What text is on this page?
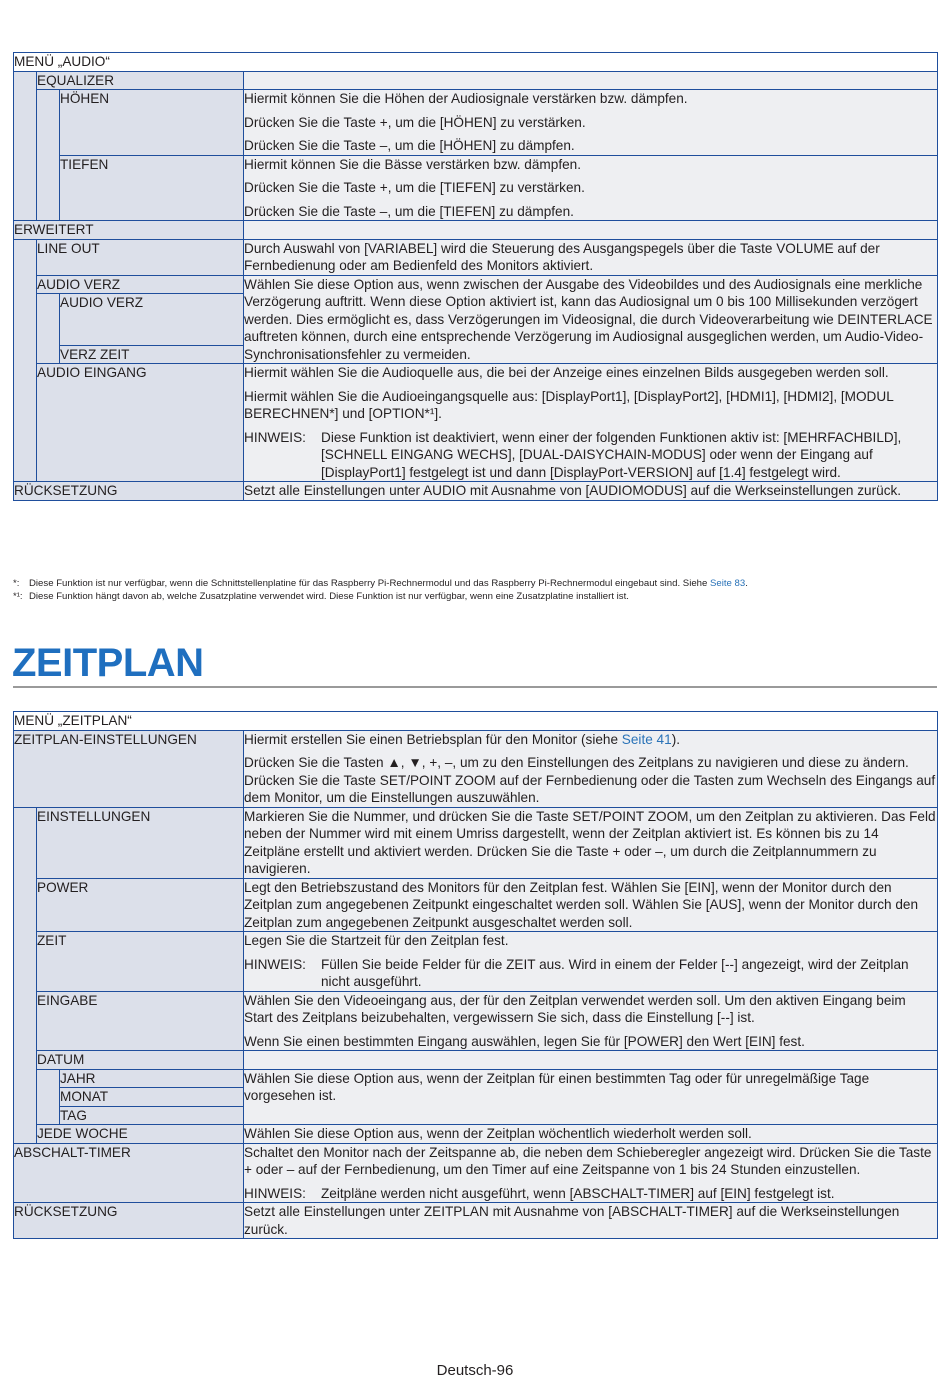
MENÜ „AUDIO“			
	EQUALIZER		
		HÖHEN	Hiermit können Sie die Höhen der Audiosignale verstärken bzw. dämpfen.

Drücken Sie die Taste +, um die [HÖHEN] zu verstärken.

Drücken Sie die Taste –, um die [HÖHEN] zu dämpfen.

		TIEFEN	Hiermit können Sie die Bässe verstärken bzw. dämpfen.

Drücken Sie die Taste +, um die [TIEFEN] zu verstärken.

Drücken Sie die Taste –, um die [TIEFEN] zu dämpfen.

ERWEITERT			
	LINE OUT		Durch Auswahl von [VARIABEL] wird die Steuerung des Ausgangspegels über die Taste VOLUME auf der Fernbedienung oder am Bedienfeld des Monitors aktiviert.
	AUDIO VERZ		Wählen Sie diese Option aus, wenn zwischen der Ausgabe des Videobildes und des Audiosignals eine merkliche Verzögerung auftritt. Wenn diese Option aktiviert ist, kann das Audiosignal um 0 bis 100 Millisekunden verzögert werden. Dies ermöglicht es, dass Verzögerungen im Videosignal, die durch Videoverarbeitung wie DEINTERLACE auftreten können, durch eine entsprechende Verzögerung im Audiosignal ausgeglichen werden, um Audio-Video-Synchronisationsfehler zu vermeiden.
		AUDIO VERZ	
		VERZ ZEIT	
	AUDIO EINGANG		Hiermit wählen Sie die Audioquelle aus, die bei der Anzeige eines einzelnen Bilds ausgegeben werden soll.

Hiermit wählen Sie die Audioeingangsquelle aus: [DisplayPort1], [DisplayPort2], [HDMI1], [HDMI2], [MODUL BERECHNEN*] und [OPTION*¹].

HINWEIS: Diese Funktion ist deaktiviert, wenn einer der folgenden Funktionen aktiv ist: [MEHRFACHBILD], [SCHNELL EINGANG WECHS], [DUAL-DAISYCHAIN-MODUS] oder wenn der Eingang auf [DisplayPort1] festgelegt ist und dann [DisplayPort-VERSION] auf [1.4] festgelegt wird.

RÜCKSETZUNG			Setzt alle Einstellungen unter AUDIO mit Ausnahme von [AUDIOMODUS] auf die Werkseinstellungen zurück.
*: Diese Funktion ist nur verfügbar, wenn die Schnittstellenplatine für das Raspberry Pi-Rechnermodul und das Raspberry Pi-Rechnermodul eingebaut sind. Siehe Seite 83.
*¹: Diese Funktion hängt davon ab, welche Zusatzplatine verwendet wird. Diese Funktion ist nur verfügbar, wenn eine Zusatzplatine installiert ist.
ZEITPLAN
MENÜ „ZEITPLAN“			
ZEITPLAN-EINSTELLUNGEN			Hiermit erstellen Sie einen Betriebsplan für den Monitor (siehe Seite 41).

Drücken Sie die Tasten ▲, ▼, +, –, um zu den Einstellungen des Zeitplans zu navigieren und diese zu ändern. Drücken Sie die Taste SET/POINT ZOOM auf der Fernbedienung oder die Tasten zum Wechseln des Eingangs auf dem Monitor, um die Einstellungen auszuwählen.

	EINSTELLUNGEN		Markieren Sie die Nummer, und drücken Sie die Taste SET/POINT ZOOM, um den Zeitplan zu aktivieren. Das Feld neben der Nummer wird mit einem Umriss dargestellt, wenn der Zeitplan aktiviert ist. Es können bis zu 14 Zeitpläne erstellt und aktiviert werden. Drücken Sie die Taste + oder –, um durch die Zeitplannummern zu navigieren.
	POWER		Legt den Betriebszustand des Monitors für den Zeitplan fest. Wählen Sie [EIN], wenn der Monitor durch den Zeitplan zum angegebenen Zeitpunkt eingeschaltet werden soll. Wählen Sie [AUS], wenn der Monitor durch den Zeitplan zum angegebenen Zeitpunkt ausgeschaltet werden soll.
	ZEIT		Legen Sie die Startzeit für den Zeitplan fest.

HINWEIS: Füllen Sie beide Felder für die ZEIT aus. Wird in einem der Felder [--] angezeigt, wird der Zeitplan nicht ausgeführt.

	EINGABE		Wählen Sie den Videoeingang aus, der für den Zeitplan verwendet werden soll. Um den aktiven Eingang beim Start des Zeitplans beizubehalten, vergewissern Sie sich, dass die Einstellung [--] ist.

Wenn Sie einen bestimmten Eingang auswählen, legen Sie für [POWER] den Wert [EIN] fest.

	DATUM		
		JAHR	Wählen Sie diese Option aus, wenn der Zeitplan für einen bestimmten Tag oder für unregelmäßige Tage vorgesehen ist.
		MONAT	
		TAG	
	JEDE WOCHE		Wählen Sie diese Option aus, wenn der Zeitplan wöchentlich wiederholt werden soll.
ABSCHALT-TIMER			Schaltet den Monitor nach der Zeitspanne ab, die neben dem Schieberegler angezeigt wird. Drücken Sie die Taste + oder – auf der Fernbedienung, um den Timer auf eine Zeitspanne von 1 bis 24 Stunden einzustellen.

HINWEIS: Zeitpläne werden nicht ausgeführt, wenn [ABSCHALT-TIMER] auf [EIN] festgelegt ist.

RÜCKSETZUNG			Setzt alle Einstellungen unter ZEITPLAN mit Ausnahme von [ABSCHALT-TIMER] auf die Werkseinstellungen zurück.
Deutsch-96
